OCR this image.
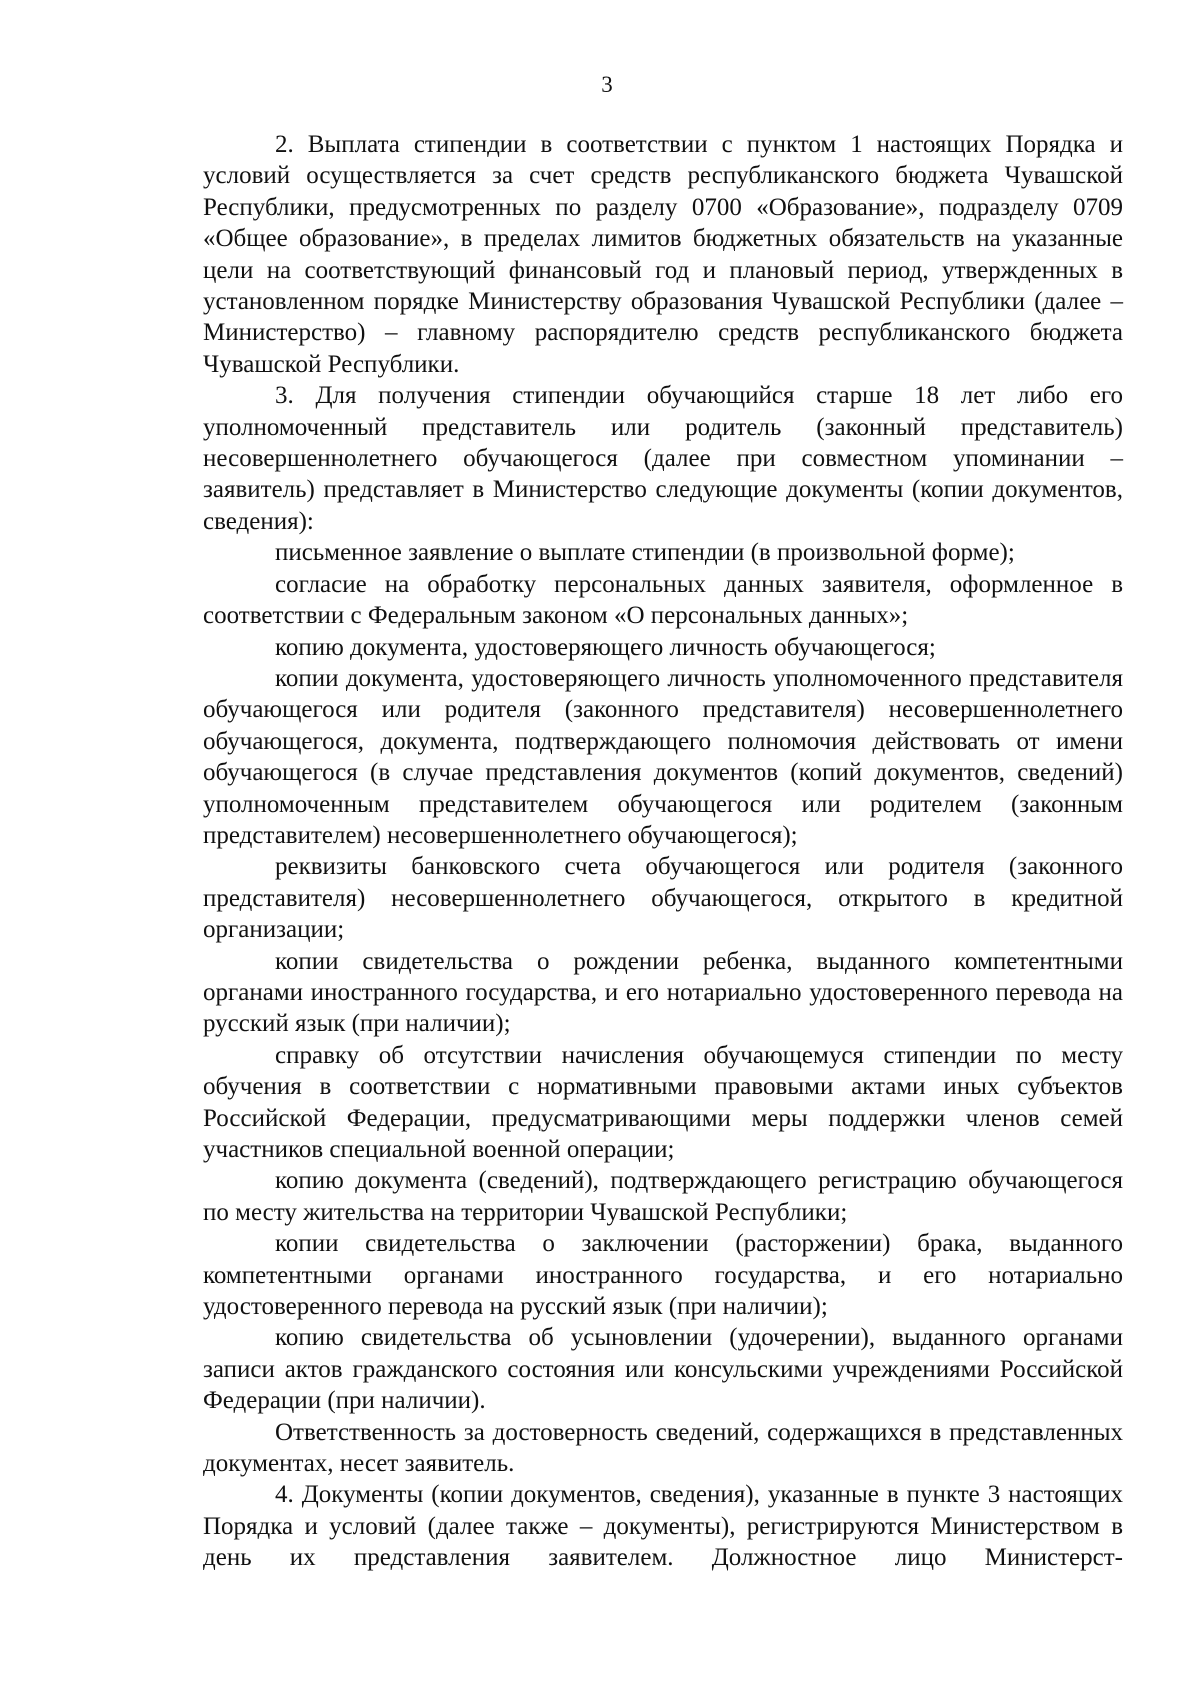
3

2. Выплата стипендии в соответствии с пунктом 1 настоящих Порядка и условий осуществляется за счет средств республиканского бюджета Чувашской Республики, предусмотренных по разделу 0700 «Образование», подразделу 0709 «Общее образование», в пределах лимитов бюджетных обязательств на указанные цели на соответствующий финансовый год и плановый период, утвержденных в установленном порядке Министерству образования Чувашской Республики (далее – Министерство) – главному распорядителю средств республиканского бюджета Чувашской Республики.

3. Для получения стипендии обучающийся старше 18 лет либо его уполномоченный представитель или родитель (законный представитель) несовершеннолетнего обучающегося (далее при совместном упоминании – заявитель) представляет в Министерство следующие документы (копии документов, сведения):

письменное заявление о выплате стипендии (в произвольной форме);

согласие на обработку персональных данных заявителя, оформленное в соответствии с Федеральным законом «О персональных данных»;

копию документа, удостоверяющего личность обучающегося;

копии документа, удостоверяющего личность уполномоченного представителя обучающегося или родителя (законного представителя) несовершеннолетнего обучающегося, документа, подтверждающего полномочия действовать от имени обучающегося (в случае представления документов (копий документов, сведений) уполномоченным представителем обучающегося или родителем (законным представителем) несовершеннолетнего обучающегося);

реквизиты банковского счета обучающегося или родителя (законного представителя) несовершеннолетнего обучающегося, открытого в кредитной организации;

копии свидетельства о рождении ребенка, выданного компетентными органами иностранного государства, и его нотариально удостоверенного перевода на русский язык (при наличии);

справку об отсутствии начисления обучающемуся стипендии по месту обучения в соответствии с нормативными правовыми актами иных субъектов Российской Федерации, предусматривающими меры поддержки членов семей участников специальной военной операции;

копию документа (сведений), подтверждающего регистрацию обучающегося по месту жительства на территории Чувашской Республики;

копии свидетельства о заключении (расторжении) брака, выданного компетентными органами иностранного государства, и его нотариально удостоверенного перевода на русский язык (при наличии);

копию свидетельства об усыновлении (удочерении), выданного органами записи актов гражданского состояния или консульскими учреждениями Российской Федерации (при наличии).

Ответственность за достоверность сведений, содержащихся в представленных документах, несет заявитель.

4. Документы (копии документов, сведения), указанные в пункте 3 настоящих Порядка и условий (далее также – документы), регистрируются Министерством в день их представления заявителем. Должностное лицо Министерст-
